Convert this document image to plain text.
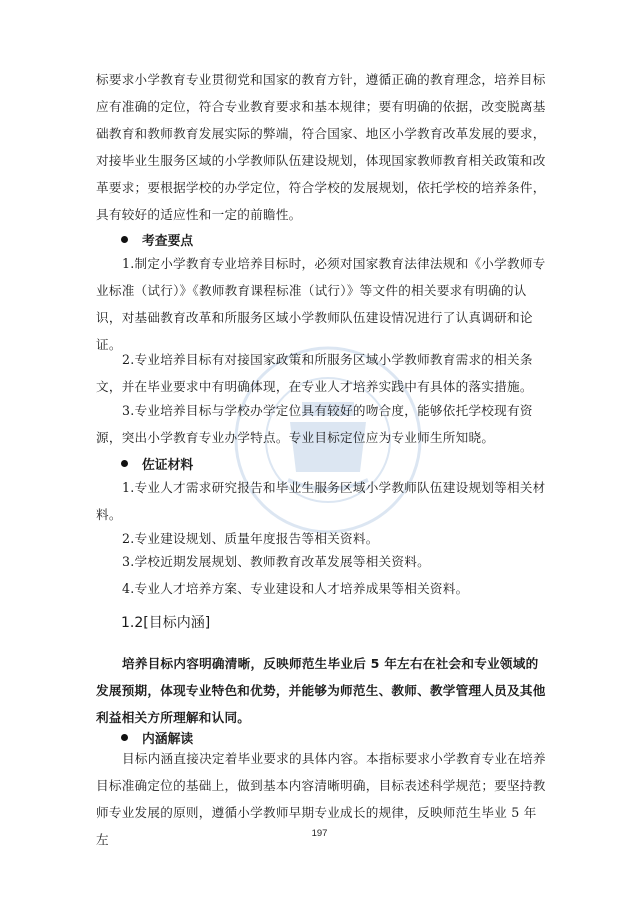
标要求小学教育专业贯彻党和国家的教育方针，遵循正确的教育理念，培养目标应有准确的定位，符合专业教育要求和基本规律；要有明确的依据，改变脱离基础教育和教师教育发展实际的弊端，符合国家、地区小学教育改革发展的要求，对接毕业生服务区域的小学教师队伍建设规划，体现国家教师教育相关政策和改革要求；要根据学校的办学定位，符合学校的发展规划，依托学校的培养条件，具有较好的适应性和一定的前瞻性。

考查要点

1.制定小学教育专业培养目标时，必须对国家教育法律法规和《小学教师专业标准（试行）》《教师教育课程标准（试行）》等文件的相关要求有明确的认识，对基础教育改革和所服务区域小学教师队伍建设情况进行了认真调研和论证。

2.专业培养目标有对接国家政策和所服务区域小学教师教育需求的相关条文，并在毕业要求中有明确体现，在专业人才培养实践中有具体的落实措施。

3.专业培养目标与学校办学定位具有较好的吻合度，能够依托学校现有资源，突出小学教育专业办学特点。专业目标定位应为专业师生所知晓。

佐证材料

1.专业人才需求研究报告和毕业生服务区域小学教师队伍建设规划等相关材料。

2.专业建设规划、质量年度报告等相关资料。

3.学校近期发展规划、教师教育改革发展等相关资料。

4.专业人才培养方案、专业建设和人才培养成果等相关资料。

1.2[目标内涵]

培养目标内容明确清晰，反映师范生毕业后 5 年左右在社会和专业领域的发展预期，体现专业特色和优势，并能够为师范生、教师、教学管理人员及其他利益相关方所理解和认同。

内涵解读

目标内涵直接决定着毕业要求的具体内容。本指标要求小学教育专业在培养目标准确定位的基础上，做到基本内容清晰明确，目标表述科学规范；要坚持教师专业发展的原则，遵循小学教师早期专业成长的规律，反映师范生毕业 5 年左	197
